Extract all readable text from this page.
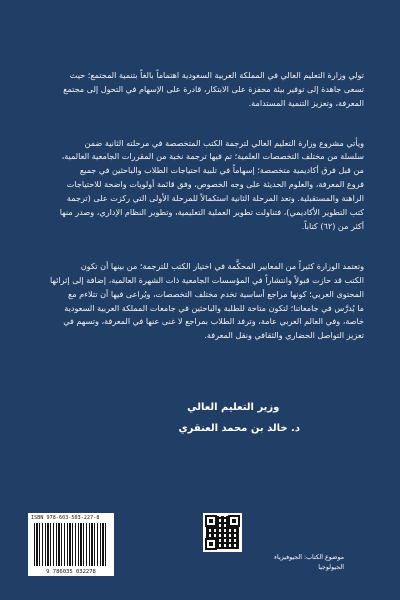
تولي وزارة التعليم العالي في المملكة العربية السعودية اهتماماً بالغاً بتنمية المجتمع؛ حيث
تسعى جاهدة إلى توفير بيئة محفزة على الابتكار، قادرة على الإسهام في التحول إلى مجتمع
المعرفة، وتعزيز التنمية المستدامة.

ويأتي مشروع وزارة التعليم العالي لترجمة الكتب المتخصصة في مرحلته الثانية ضمن
سلسلة من مختلف التخصصات العلمية؛ تم فيها ترجمة نخبة من المقررات الجامعية العالمية،
من قبل فرق أكاديمية متخصصة؛ إسهاماً في تلبية احتياجات الطلاب والباحثين في جميع
فروع المعرفة، والعلوم الحديثة على وجه الخصوص، وفق قائمة أولويات واضحة للاحتياجات
الراهنة والمستقبلية. وتعد المرحلة الثانية استكمالاً للمرحلة الأولى التي ركزت على (ترجمة
كتب التطوير الأكاديمي)، فتناولت تطوير العملية التعليمية، وتطوير النظام الإداري، وصدر منها
أكثر من (٦٢) كتاباً.

وتعتمد الوزارة كثيراً من المعايير المحكَّمة في اختيار الكتب للترجمة؛ من بينها أن تكون
الكتب قد حازت قبولاً وانتشاراً في المؤسسات الجامعية ذات الشهرة العالمية، إضافة إلى إثرائها
المحتوى العربي؛ كونها مراجع أساسية تخدم مختلف التخصصات، ويُراعى فيها أن تتلاءم مع
ما يُدرَّس في جامعاتنا؛ لتكون متاحة للطلبة والباحثين في جامعات المملكة العربية السعودية
خاصة، وفي العالم العربي عامة، وترفد الطلاب بمراجع لا غنى عنها في المعرفة، وتسهم في
تعزيز التواصل الحضاري والثقافي ونقل المعرفة.

وزير التعليم العالي
د. خالد بن محمد العنقري
ISBN 978-603-503-227-8
9 786035 032278
موضوع الكتاب: الجيوفيزياء
الجيولوجيا
